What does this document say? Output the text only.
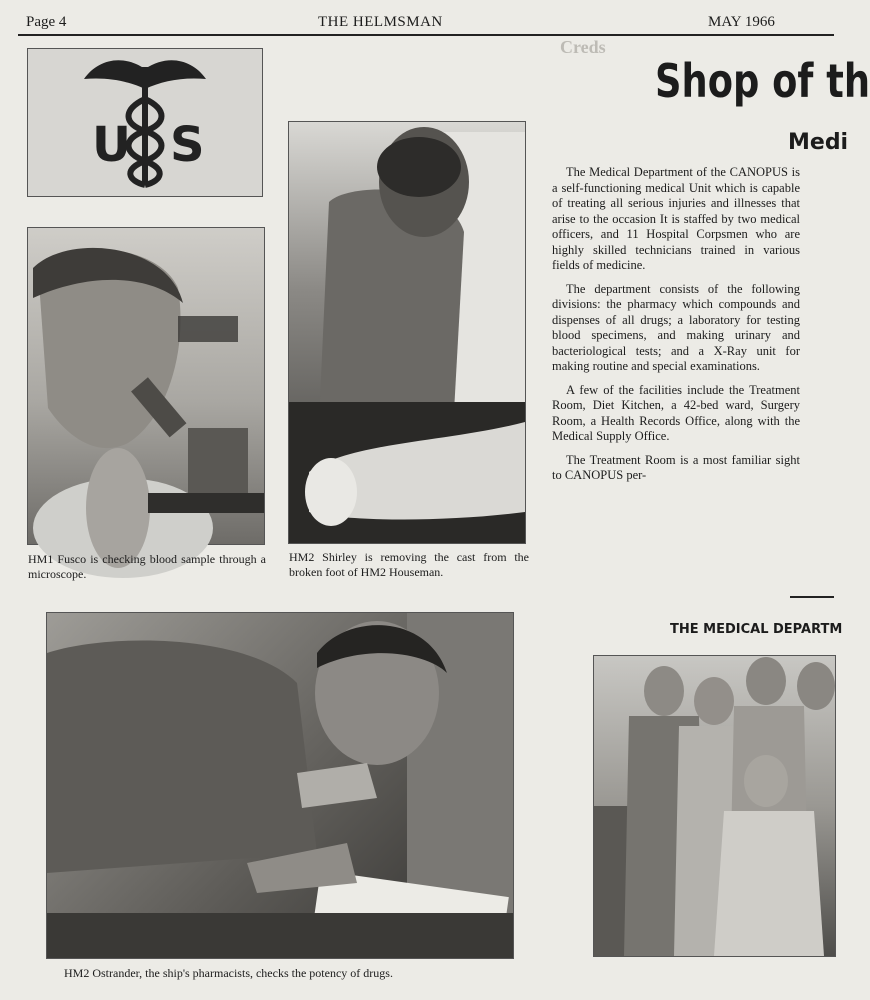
Page 4	THE HELMSMAN	MAY 1966
Creds
U S
HM1 Fusco is checking blood sample through a microscope.
HM2 Shirley is removing the cast from the broken foot of HM2 Houseman.
HM2 Ostrander, the ship's pharmacists, checks the potency of drugs.
Shop of th
Medi

The Medical Department of the CANOPUS is a self-functioning medical Unit which is capable of treating all serious injuries and illnesses that arise to the occasion It is staffed by two medical officers, and 11 Hospital Corpsmen who are highly skilled technicians trained in various fields of medicine.

The department consists of the following divisions: the pharmacy which compounds and dispenses of all drugs; a laboratory for testing blood specimens, and making urinary and bacteriological tests; and a X-Ray unit for making routine and special examinations.

A few of the facilities include the Treatment Room, Diet Kitchen, a 42-bed ward, Surgery Room, a Health Records Office, along with the Medical Supply Office.

The Treatment Room is a most familiar sight to CANOPUS per-

THE MEDICAL DEPARTM
